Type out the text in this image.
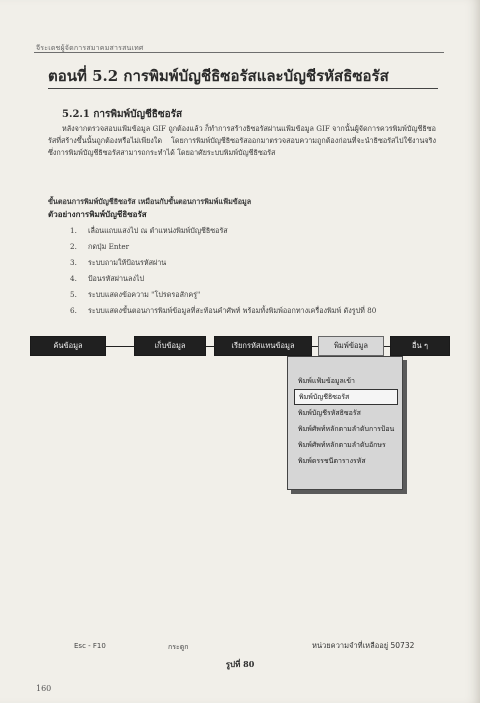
จีระเดชผู้จัดการสมาคมสารสนเทศ
ตอนที่ 5.2 การพิมพ์บัญชีธิซอรัสและบัญชีรหัสธิซอรัส
5.2.1 การพิมพ์บัญชีธิซอรัส
หลังจากตรวจสอบแฟ้มข้อมูล GIF ถูกต้องแล้ว ก็ทำการสร้างธิซอรัสผ่านแฟ้มข้อมูล GIF จากนั้นผู้จัดการควรพิมพ์บัญชีธิซอรัสที่สร้างขึ้นนั้นถูกต้องหรือไม่เพียงใด โดยการพิมพ์บัญชีธิซอรัสออกมาตรวจสอบความถูกต้องก่อนที่จะนำธิซอรัสไปใช้งานจริง ซึ่งการพิมพ์บัญชีธิซอรัสสามารถกระทำได้ โดยอาศัยระบบพิมพ์บัญชีธิซอรัส
ขั้นตอนการพิมพ์บัญชีธิซอรัส เหมือนกับขั้นตอนการพิมพ์แฟ้มข้อมูล
ตัวอย่างการพิมพ์บัญชีธิซอรัส
1.	เลื่อนแถบแสงไป ณ ตำแหน่งพิมพ์บัญชีธิซอรัส
2.	กดปุ่ม Enter
3.	ระบบถามให้ป้อนรหัสผ่าน
4.	ป้อนรหัสผ่านลงไป
5.	ระบบแสดงข้อความ "โปรดรอสักครู่"
6.	ระบบแสดงขั้นตอนการพิมพ์ข้อมูลที่สะท้อนคำศัพท์ พร้อมทั้งพิมพ์ออกทางเครื่องพิมพ์ ดังรูปที่ 80
ค้นข้อมูล	เก็บข้อมูล	เรียกรหัสแทนข้อมูล	พิมพ์ข้อมูล	อื่น ๆ
พิมพ์แฟ้มข้อมูลเข้า
พิมพ์บัญชีธิซอรัส
พิมพ์บัญชีรหัสธิซอรัส
พิมพ์ศัพท์หลักตามลำดับการป้อน
พิมพ์ศัพท์หลักตามลำดับอักษร
พิมพ์ดรรชนีตารางรหัส
Esc - F10	กระดูก	หน่วยความจำที่เหลืออยู่ 50732
รูปที่ 80
160
